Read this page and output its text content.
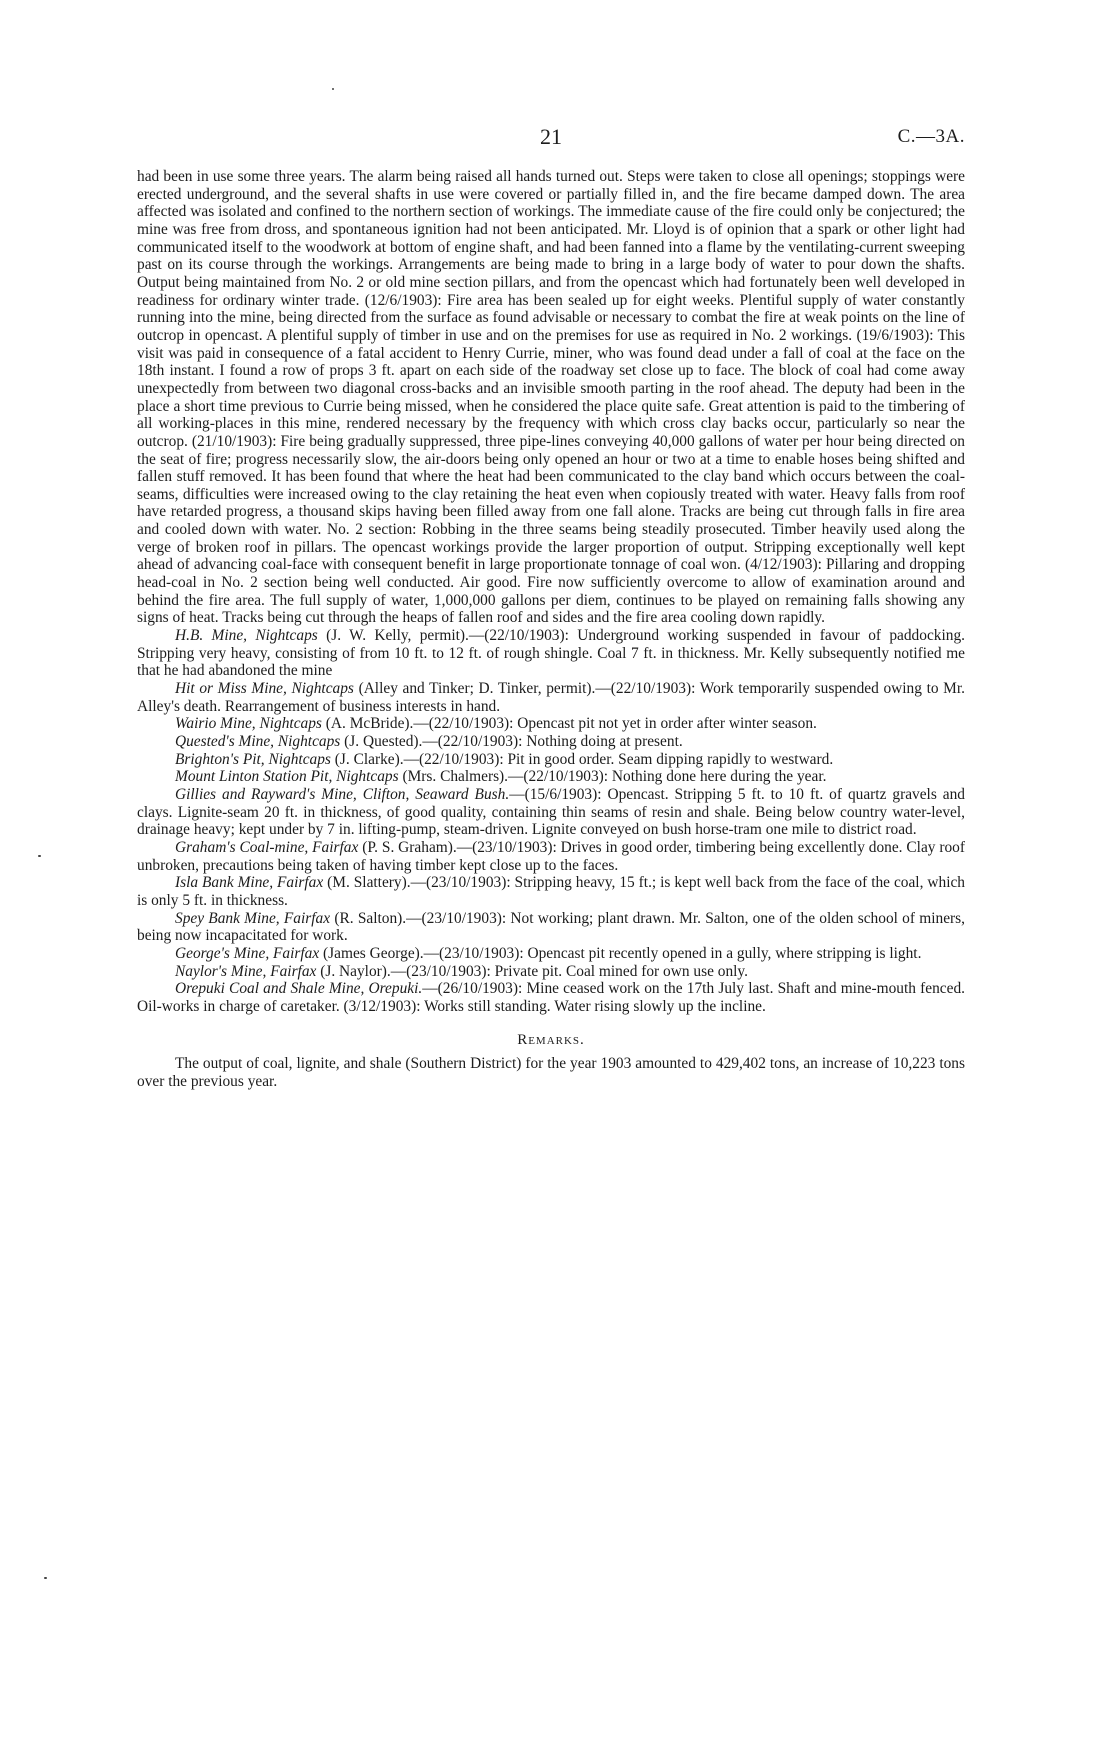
21	C.—3A.

had been in use some three years. The alarm being raised all hands turned out. Steps were taken to close all openings; stoppings were erected underground, and the several shafts in use were covered or partially filled in, and the fire became damped down. The area affected was isolated and confined to the northern section of workings. The immediate cause of the fire could only be conjectured; the mine was free from dross, and spontaneous ignition had not been anticipated. Mr. Lloyd is of opinion that a spark or other light had communicated itself to the woodwork at bottom of engine shaft, and had been fanned into a flame by the ventilating-current sweeping past on its course through the workings. Arrangements are being made to bring in a large body of water to pour down the shafts. Output being maintained from No. 2 or old mine section pillars, and from the opencast which had fortunately been well developed in readiness for ordinary winter trade. (12/6/1903): Fire area has been sealed up for eight weeks. Plentiful supply of water constantly running into the mine, being directed from the surface as found advisable or necessary to combat the fire at weak points on the line of outcrop in opencast. A plentiful supply of timber in use and on the premises for use as required in No. 2 workings. (19/6/1903): This visit was paid in consequence of a fatal accident to Henry Currie, miner, who was found dead under a fall of coal at the face on the 18th instant. I found a row of props 3 ft. apart on each side of the roadway set close up to face. The block of coal had come away unexpectedly from between two diagonal cross-backs and an invisible smooth parting in the roof ahead. The deputy had been in the place a short time previous to Currie being missed, when he considered the place quite safe. Great attention is paid to the timbering of all working-places in this mine, rendered necessary by the frequency with which cross clay backs occur, particularly so near the outcrop. (21/10/1903): Fire being gradually suppressed, three pipe-lines conveying 40,000 gallons of water per hour being directed on the seat of fire; progress necessarily slow, the air-doors being only opened an hour or two at a time to enable hoses being shifted and fallen stuff removed. It has been found that where the heat had been communicated to the clay band which occurs between the coal-seams, difficulties were increased owing to the clay retaining the heat even when copiously treated with water. Heavy falls from roof have retarded progress, a thousand skips having been filled away from one fall alone. Tracks are being cut through falls in fire area and cooled down with water. No. 2 section: Robbing in the three seams being steadily prosecuted. Timber heavily used along the verge of broken roof in pillars. The opencast workings provide the larger proportion of output. Stripping exceptionally well kept ahead of advancing coal-face with consequent benefit in large proportionate tonnage of coal won. (4/12/1903): Pillaring and dropping head-coal in No. 2 section being well conducted. Air good. Fire now sufficiently overcome to allow of examination around and behind the fire area. The full supply of water, 1,000,000 gallons per diem, continues to be played on remaining falls showing any signs of heat. Tracks being cut through the heaps of fallen roof and sides and the fire area cooling down rapidly.

H.B. Mine, Nightcaps (J. W. Kelly, permit).—(22/10/1903): Underground working suspended in favour of paddocking. Stripping very heavy, consisting of from 10 ft. to 12 ft. of rough shingle. Coal 7 ft. in thickness. Mr. Kelly subsequently notified me that he had abandoned the mine

Hit or Miss Mine, Nightcaps (Alley and Tinker; D. Tinker, permit).—(22/10/1903): Work temporarily suspended owing to Mr. Alley's death. Rearrangement of business interests in hand.

Wairio Mine, Nightcaps (A. McBride).—(22/10/1903): Opencast pit not yet in order after winter season.

Quested's Mine, Nightcaps (J. Quested).—(22/10/1903): Nothing doing at present.

Brighton's Pit, Nightcaps (J. Clarke).—(22/10/1903): Pit in good order. Seam dipping rapidly to westward.

Mount Linton Station Pit, Nightcaps (Mrs. Chalmers).—(22/10/1903): Nothing done here during the year.

Gillies and Rayward's Mine, Clifton, Seaward Bush.—(15/6/1903): Opencast. Stripping 5 ft. to 10 ft. of quartz gravels and clays. Lignite-seam 20 ft. in thickness, of good quality, containing thin seams of resin and shale. Being below country water-level, drainage heavy; kept under by 7 in. lifting-pump, steam-driven. Lignite conveyed on bush horse-tram one mile to district road.

Graham's Coal-mine, Fairfax (P. S. Graham).—(23/10/1903): Drives in good order, timbering being excellently done. Clay roof unbroken, precautions being taken of having timber kept close up to the faces.

Isla Bank Mine, Fairfax (M. Slattery).—(23/10/1903): Stripping heavy, 15 ft.; is kept well back from the face of the coal, which is only 5 ft. in thickness.

Spey Bank Mine, Fairfax (R. Salton).—(23/10/1903): Not working; plant drawn. Mr. Salton, one of the olden school of miners, being now incapacitated for work.

George's Mine, Fairfax (James George).—(23/10/1903): Opencast pit recently opened in a gully, where stripping is light.

Naylor's Mine, Fairfax (J. Naylor).—(23/10/1903): Private pit. Coal mined for own use only.

Orepuki Coal and Shale Mine, Orepuki.—(26/10/1903): Mine ceased work on the 17th July last. Shaft and mine-mouth fenced. Oil-works in charge of caretaker. (3/12/1903): Works still standing. Water rising slowly up the incline.

Remarks.

The output of coal, lignite, and shale (Southern District) for the year 1903 amounted to 429,402 tons, an increase of 10,223 tons over the previous year.
